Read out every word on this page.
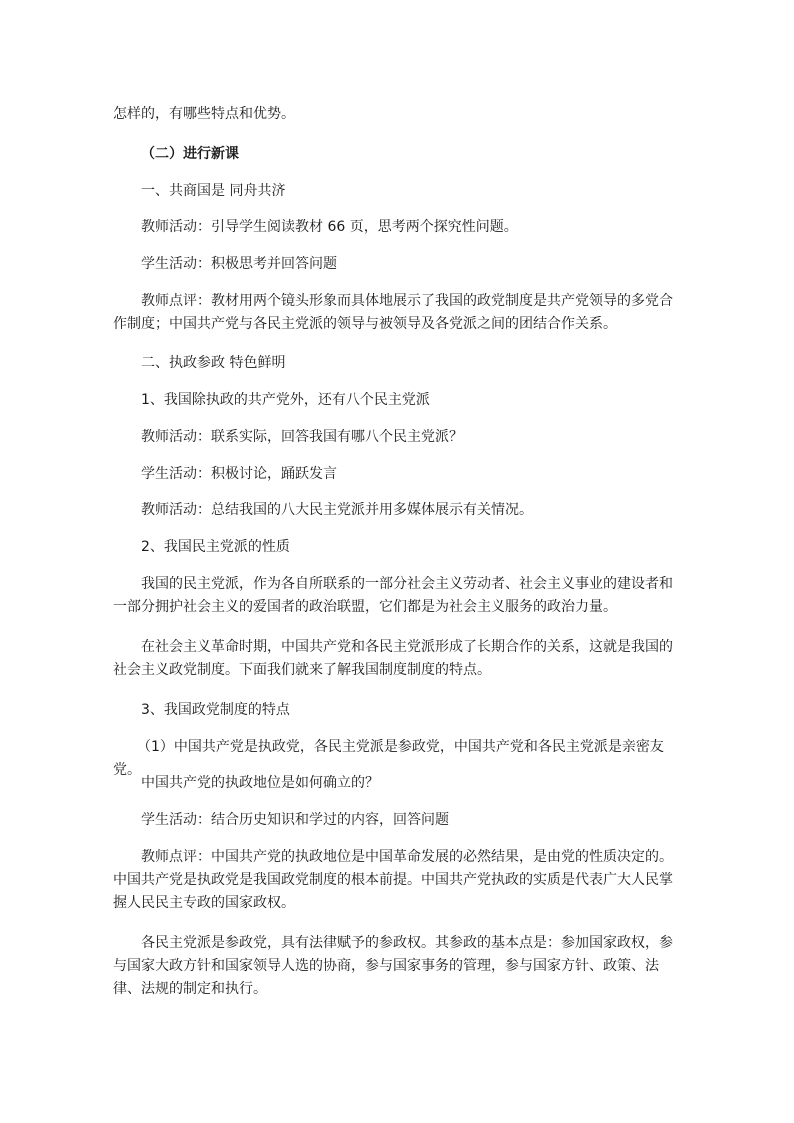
怎样的，有哪些特点和优势。

（二）进行新课

一、共商国是 同舟共济

教师活动：引导学生阅读教材 66 页，思考两个探究性问题。

学生活动：积极思考并回答问题

教师点评：教材用两个镜头形象而具体地展示了我国的政党制度是共产党领导的多党合作制度；中国共产党与各民主党派的领导与被领导及各党派之间的团结合作关系。

二、执政参政 特色鲜明

1、我国除执政的共产党外，还有八个民主党派

教师活动：联系实际，回答我国有哪八个民主党派？

学生活动：积极讨论，踊跃发言

教师活动：总结我国的八大民主党派并用多媒体展示有关情况。

2、我国民主党派的性质

我国的民主党派，作为各自所联系的一部分社会主义劳动者、社会主义事业的建设者和一部分拥护社会主义的爱国者的政治联盟，它们都是为社会主义服务的政治力量。

在社会主义革命时期，中国共产党和各民主党派形成了长期合作的关系，这就是我国的社会主义政党制度。下面我们就来了解我国制度制度的特点。

3、我国政党制度的特点

（1）中国共产党是执政党，各民主党派是参政党，中国共产党和各民主党派是亲密友党。

中国共产党的执政地位是如何确立的？

学生活动：结合历史知识和学过的内容，回答问题

教师点评：中国共产党的执政地位是中国革命发展的必然结果，是由党的性质决定的。中国共产党是执政党是我国政党制度的根本前提。中国共产党执政的实质是代表广大人民掌握人民民主专政的国家政权。

各民主党派是参政党，具有法律赋予的参政权。其参政的基本点是：参加国家政权，参与国家大政方针和国家领导人选的协商，参与国家事务的管理，参与国家方针、政策、法律、法规的制定和执行。
